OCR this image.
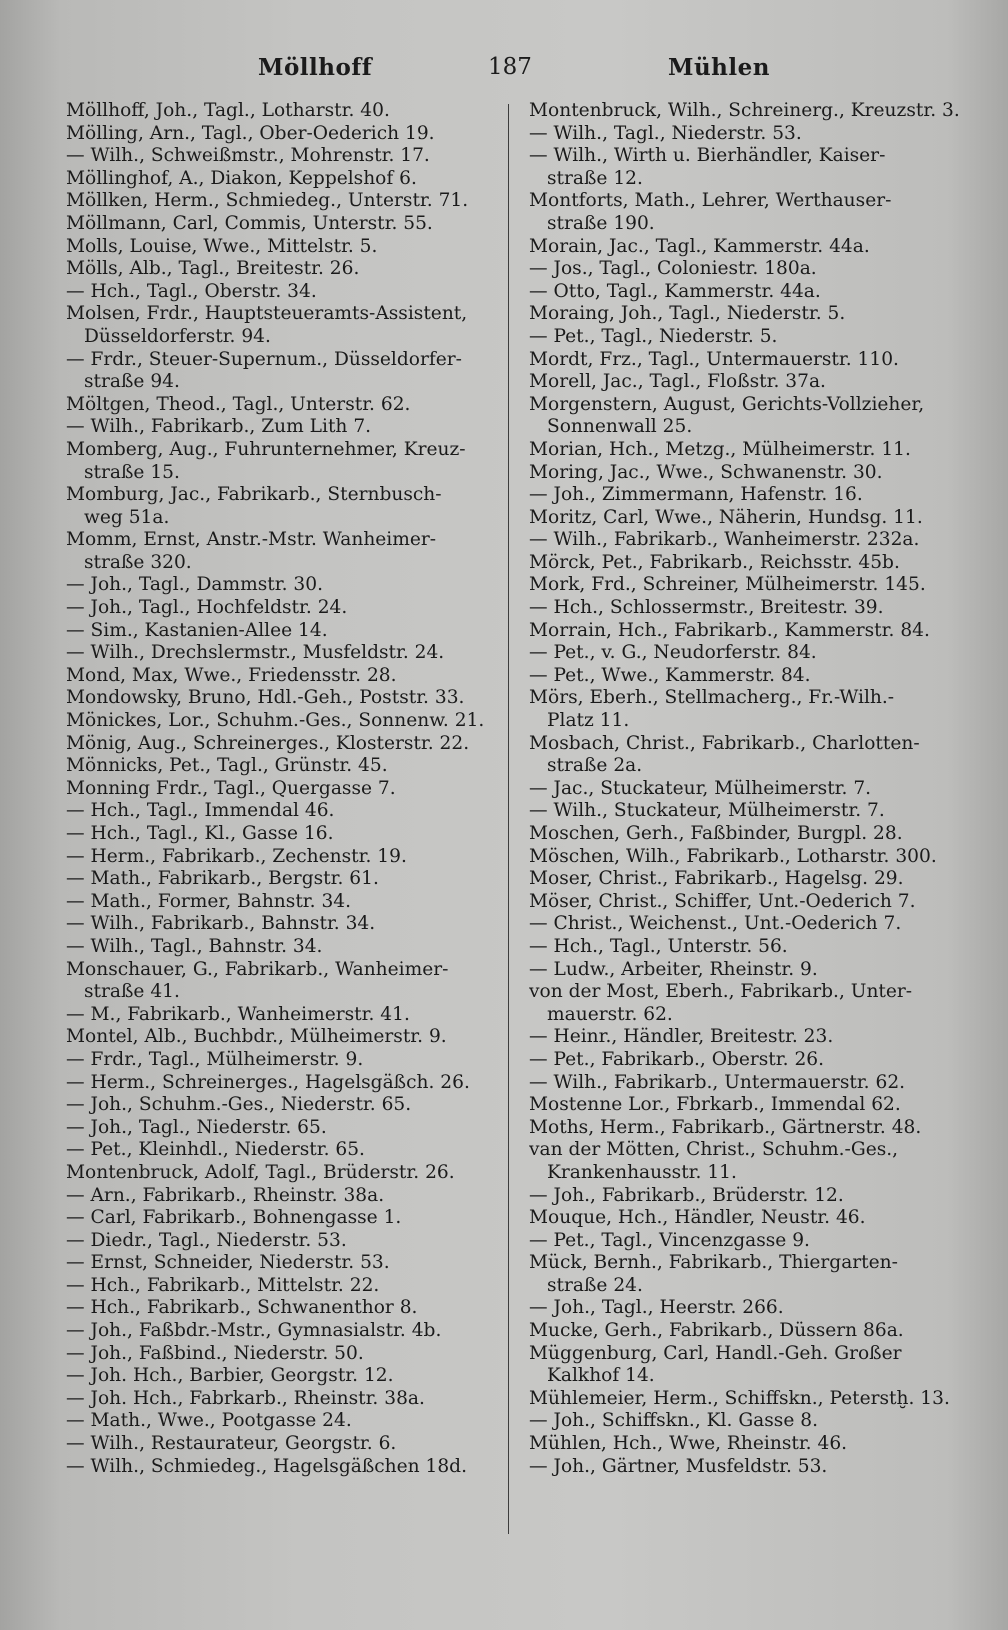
Möllhoff	187	Mühlen
Möllhoff, Joh., Tagl., Lotharstr. 40.
Mölling, Arn., Tagl., Ober-Oederich 19.
— Wilh., Schweißmstr., Mohrenstr. 17.
Möllinghof, A., Diakon, Keppelshof 6.
Möllken, Herm., Schmiedeg., Unterstr. 71.
Möllmann, Carl, Commis, Unterstr. 55.
Molls, Louise, Wwe., Mittelstr. 5.
Mölls, Alb., Tagl., Breitestr. 26.
— Hch., Tagl., Oberstr. 34.
Molsen, Frdr., Hauptsteueramts-Assistent,
Düsseldorferstr. 94.
— Frdr., Steuer-Supernum., Düsseldorfer-
straße 94.
Möltgen, Theod., Tagl., Unterstr. 62.
— Wilh., Fabrikarb., Zum Lith 7.
Momberg, Aug., Fuhrunternehmer, Kreuz-
straße 15.
Momburg, Jac., Fabrikarb., Sternbusch-
weg 51a.
Momm, Ernst, Anstr.-Mstr. Wanheimer-
straße 320.
— Joh., Tagl., Dammstr. 30.
— Joh., Tagl., Hochfeldstr. 24.
— Sim., Kastanien-Allee 14.
— Wilh., Drechslermstr., Musfeldstr. 24.
Mond, Max, Wwe., Friedensstr. 28.
Mondowsky, Bruno, Hdl.-Geh., Poststr. 33.
Mönickes, Lor., Schuhm.-Ges., Sonnenw. 21.
Mönig, Aug., Schreinerges., Klosterstr. 22.
Mönnicks, Pet., Tagl., Grünstr. 45.
Monning Frdr., Tagl., Quergasse 7.
— Hch., Tagl., Immendal 46.
— Hch., Tagl., Kl., Gasse 16.
— Herm., Fabrikarb., Zechenstr. 19.
— Math., Fabrikarb., Bergstr. 61.
— Math., Former, Bahnstr. 34.
— Wilh., Fabrikarb., Bahnstr. 34.
— Wilh., Tagl., Bahnstr. 34.
Monschauer, G., Fabrikarb., Wanheimer-
straße 41.
— M., Fabrikarb., Wanheimerstr. 41.
Montel, Alb., Buchbdr., Mülheimerstr. 9.
— Frdr., Tagl., Mülheimerstr. 9.
— Herm., Schreinerges., Hagelsgäßch. 26.
— Joh., Schuhm.-Ges., Niederstr. 65.
— Joh., Tagl., Niederstr. 65.
— Pet., Kleinhdl., Niederstr. 65.
Montenbruck, Adolf, Tagl., Brüderstr. 26.
— Arn., Fabrikarb., Rheinstr. 38a.
— Carl, Fabrikarb., Bohnengasse 1.
— Diedr., Tagl., Niederstr. 53.
— Ernst, Schneider, Niederstr. 53.
— Hch., Fabrikarb., Mittelstr. 22.
— Hch., Fabrikarb., Schwanenthor 8.
— Joh., Faßbdr.-Mstr., Gymnasialstr. 4b.
— Joh., Faßbind., Niederstr. 50.
— Joh. Hch., Barbier, Georgstr. 12.
— Joh. Hch., Fabrkarb., Rheinstr. 38a.
— Math., Wwe., Pootgasse 24.
— Wilh., Restaurateur, Georgstr. 6.
— Wilh., Schmiedeg., Hagelsgäßchen 18d.
Montenbruck, Wilh., Schreinerg., Kreuzstr. 3.
— Wilh., Tagl., Niederstr. 53.
— Wilh., Wirth u. Bierhändler, Kaiser-
straße 12.
Montforts, Math., Lehrer, Werthauser-
straße 190.
Morain, Jac., Tagl., Kammerstr. 44a.
— Jos., Tagl., Coloniestr. 180a.
— Otto, Tagl., Kammerstr. 44a.
Moraing, Joh., Tagl., Niederstr. 5.
— Pet., Tagl., Niederstr. 5.
Mordt, Frz., Tagl., Untermauerstr. 110.
Morell, Jac., Tagl., Floßstr. 37a.
Morgenstern, August, Gerichts-Vollzieher,
Sonnenwall 25.
Morian, Hch., Metzg., Mülheimerstr. 11.
Moring, Jac., Wwe., Schwanenstr. 30.
— Joh., Zimmermann, Hafenstr. 16.
Moritz, Carl, Wwe., Näherin, Hundsg. 11.
— Wilh., Fabrikarb., Wanheimerstr. 232a.
Mörck, Pet., Fabrikarb., Reichsstr. 45b.
Mork, Frd., Schreiner, Mülheimerstr. 145.
— Hch., Schlossermstr., Breitestr. 39.
Morrain, Hch., Fabrikarb., Kammerstr. 84.
— Pet., v. G., Neudorferstr. 84.
— Pet., Wwe., Kammerstr. 84.
Mörs, Eberh., Stellmacherg., Fr.-Wilh.-
Platz 11.
Mosbach, Christ., Fabrikarb., Charlotten-
straße 2a.
— Jac., Stuckateur, Mülheimerstr. 7.
— Wilh., Stuckateur, Mülheimerstr. 7.
Moschen, Gerh., Faßbinder, Burgpl. 28.
Möschen, Wilh., Fabrikarb., Lotharstr. 300.
Moser, Christ., Fabrikarb., Hagelsg. 29.
Möser, Christ., Schiffer, Unt.-Oederich 7.
— Christ., Weichenst., Unt.-Oederich 7.
— Hch., Tagl., Unterstr. 56.
— Ludw., Arbeiter, Rheinstr. 9.
von der Most, Eberh., Fabrikarb., Unter-
mauerstr. 62.
— Heinr., Händler, Breitestr. 23.
— Pet., Fabrikarb., Oberstr. 26.
— Wilh., Fabrikarb., Untermauerstr. 62.
Mostenne Lor., Fbrkarb., Immendal 62.
Moths, Herm., Fabrikarb., Gärtnerstr. 48.
van der Mötten, Christ., Schuhm.-Ges.,
Krankenhausstr. 11.
— Joh., Fabrikarb., Brüderstr. 12.
Mouque, Hch., Händler, Neustr. 46.
— Pet., Tagl., Vincenzgasse 9.
Mück, Bernh., Fabrikarb., Thiergarten-
straße 24.
— Joh., Tagl., Heerstr. 266.
Mucke, Gerh., Fabrikarb., Düssern 86a.
Müggenburg, Carl, Handl.-Geh. Großer
Kalkhof 14.
Mühlemeier, Herm., Schiffskn., Peterstḫ. 13.
— Joh., Schiffskn., Kl. Gasse 8.
Mühlen, Hch., Wwe, Rheinstr. 46.
— Joh., Gärtner, Musfeldstr. 53.
